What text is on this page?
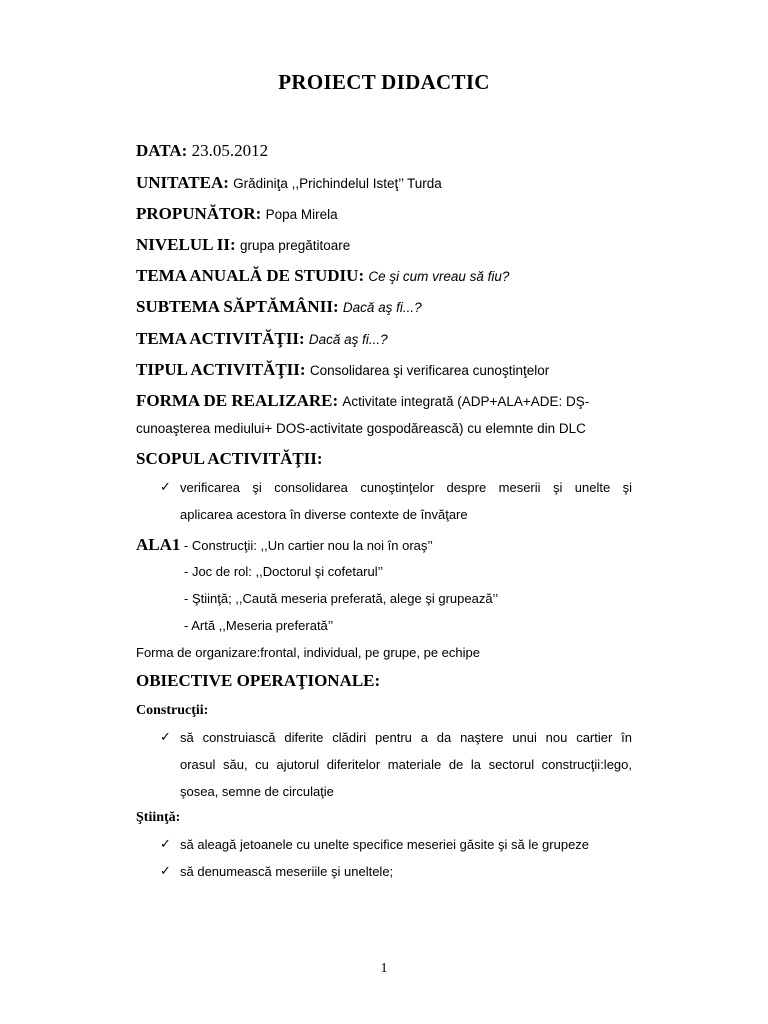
PROIECT DIDACTIC
DATA: 23.05.2012
UNITATEA: Grădiniţa ,,Prichindelul Isteţ’’ Turda
PROPUNĂTOR: Popa Mirela
NIVELUL II: grupa pregătitoare
TEMA ANUALĂ DE STUDIU: Ce şi cum vreau să fiu?
SUBTEMA SĂPTĂMÂNII: Dacă aş fi...?
TEMA ACTIVITĂŢII: Dacă aş fi...?
TIPUL ACTIVITĂŢII: Consolidarea şi verificarea cunoştinţelor
FORMA DE REALIZARE: Activitate integrată (ADP+ALA+ADE: DŞ-
cunoaşterea mediului+ DOS-activitate gospodărească) cu elemnte din DLC
SCOPUL ACTIVITĂŢII:
✓ verificarea şi consolidarea cunoştinţelor despre meserii şi unelte şi
aplicarea acestora în diverse contexte de învăţare
ALA1 - Construcţii: ,,Un cartier nou la noi în oraş’’
- Joc de rol: ,,Doctorul şi cofetarul’’
- Ştiinţă; ,,Caută meseria preferată, alege şi grupează’’
- Artă ,,Meseria preferată’’
Forma de organizare:frontal, individual, pe grupe, pe echipe
OBIECTIVE OPERAŢIONALE:
Construcţii:
✓ să construiască diferite clădiri pentru a da naştere unui nou cartier în
orasul său, cu ajutorul diferitelor materiale de la sectorul construcţii:lego,
şosea, semne de circulaţie
Ştiinţă:
✓ să aleagă jetoanele cu unelte specifice meseriei găsite şi să le grupeze
✓ să denumească meseriile şi uneltele;
1
